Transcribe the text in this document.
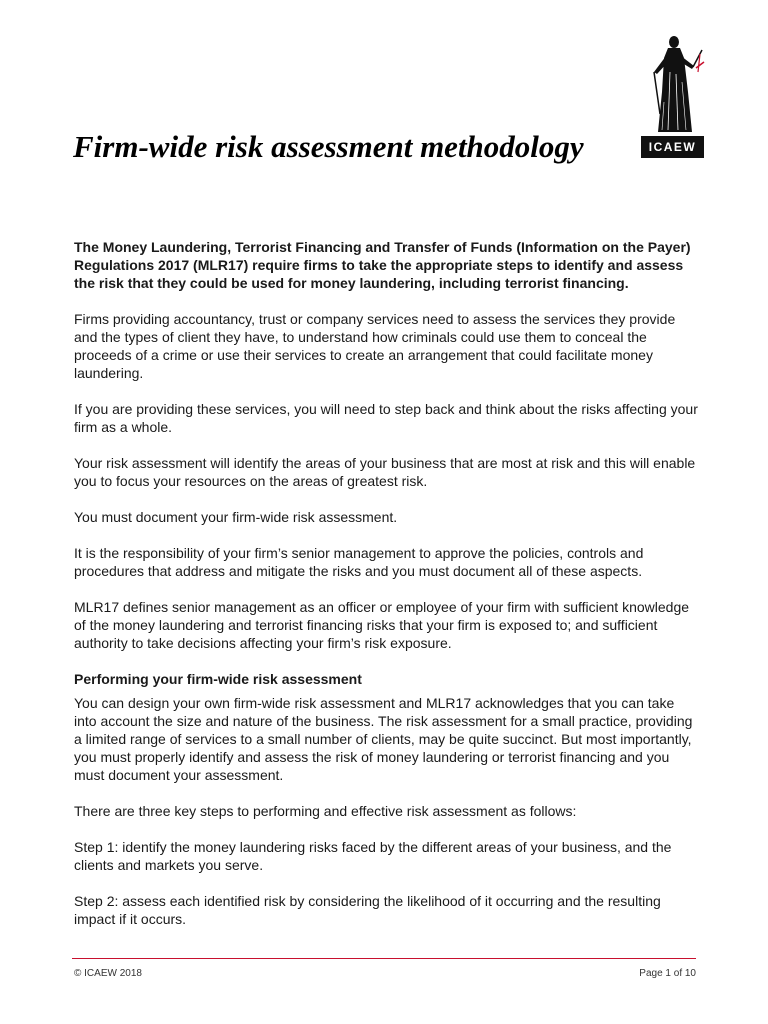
ICAEW
Firm-wide risk assessment methodology

The Money Laundering, Terrorist Financing and Transfer of Funds (Information on the Payer) Regulations 2017 (MLR17) require firms to take the appropriate steps to identify and assess the risk that they could be used for money laundering, including terrorist financing.

Firms providing accountancy, trust or company services need to assess the services they provide and the types of client they have, to understand how criminals could use them to conceal the proceeds of a crime or use their services to create an arrangement that could facilitate money laundering.

If you are providing these services, you will need to step back and think about the risks affecting your firm as a whole.

Your risk assessment will identify the areas of your business that are most at risk and this will enable you to focus your resources on the areas of greatest risk.

You must document your firm-wide risk assessment.

It is the responsibility of your firm’s senior management to approve the policies, controls and procedures that address and mitigate the risks and you must document all of these aspects.

MLR17 defines senior management as an officer or employee of your firm with sufficient knowledge of the money laundering and terrorist financing risks that your firm is exposed to; and sufficient authority to take decisions affecting your firm’s risk exposure.

Performing your firm-wide risk assessment

You can design your own firm-wide risk assessment and MLR17 acknowledges that you can take into account the size and nature of the business. The risk assessment for a small practice, providing a limited range of services to a small number of clients, may be quite succinct. But most importantly, you must properly identify and assess the risk of money laundering or terrorist financing and you must document your assessment.

There are three key steps to performing and effective risk assessment as follows:

Step 1: identify the money laundering risks faced by the different areas of your business, and the clients and markets you serve.

Step 2: assess each identified risk by considering the likelihood of it occurring and the resulting impact if it occurs.

© ICAEW 2018	Page 1 of 10
